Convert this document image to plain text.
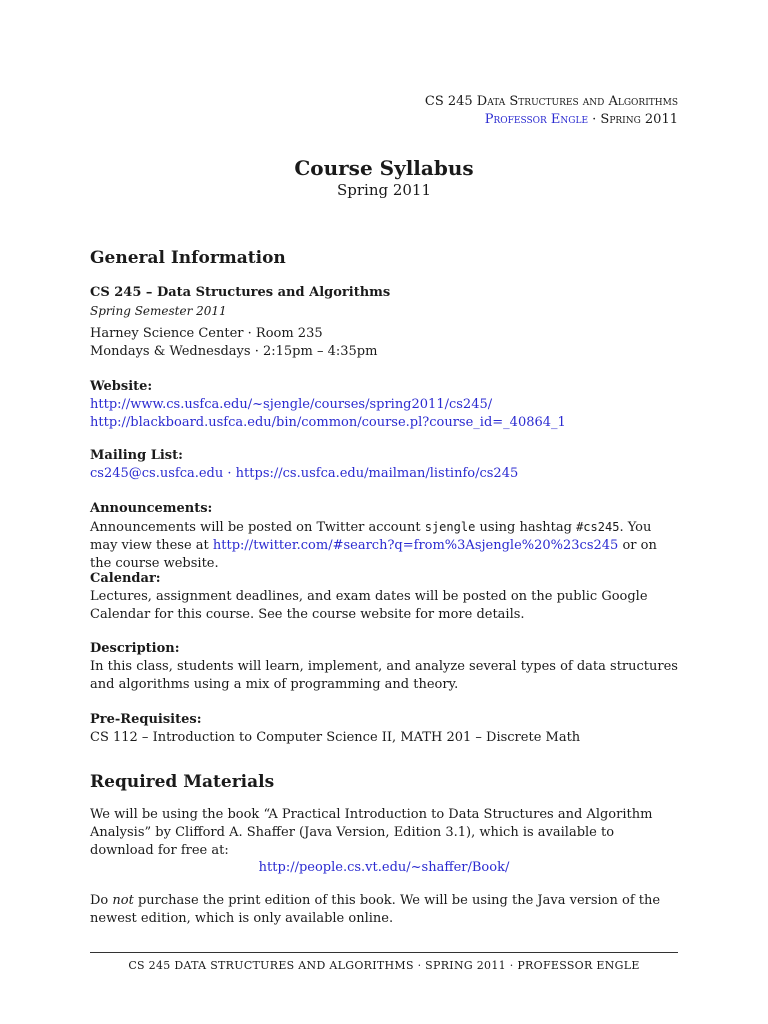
CS 245 Data Structures and Algorithms
Professor Engle · Spring 2011
Course Syllabus
Spring 2011
General Information
CS 245 – Data Structures and Algorithms
Spring Semester 2011
Harney Science Center · Room 235
Mondays & Wednesdays · 2:15pm – 4:35pm
Website:
http://www.cs.usfca.edu/~sjengle/courses/spring2011/cs245/
http://blackboard.usfca.edu/bin/common/course.pl?course_id=_40864_1
Mailing List:
cs245@cs.usfca.edu · https://cs.usfca.edu/mailman/listinfo/cs245
Announcements:
Announcements will be posted on Twitter account sjengle using hashtag #cs245. You may view these at http://twitter.com/#search?q=from%3Asjengle%20%23cs245 or on the course website.
Calendar:
Lectures, assignment deadlines, and exam dates will be posted on the public Google Calendar for this course. See the course website for more details.
Description:
In this class, students will learn, implement, and analyze several types of data structures and algorithms using a mix of programming and theory.
Pre-Requisites:
CS 112 – Introduction to Computer Science II, MATH 201 – Discrete Math
Required Materials
We will be using the book “A Practical Introduction to Data Structures and Algorithm Analysis” by Clifford A. Shaffer (Java Version, Edition 3.1), which is available to download for free at:
http://people.cs.vt.edu/~shaffer/Book/
Do not purchase the print edition of this book. We will be using the Java version of the newest edition, which is only available online.
CS 245 DATA STRUCTURES AND ALGORITHMS · SPRING 2011 · PROFESSOR ENGLE
